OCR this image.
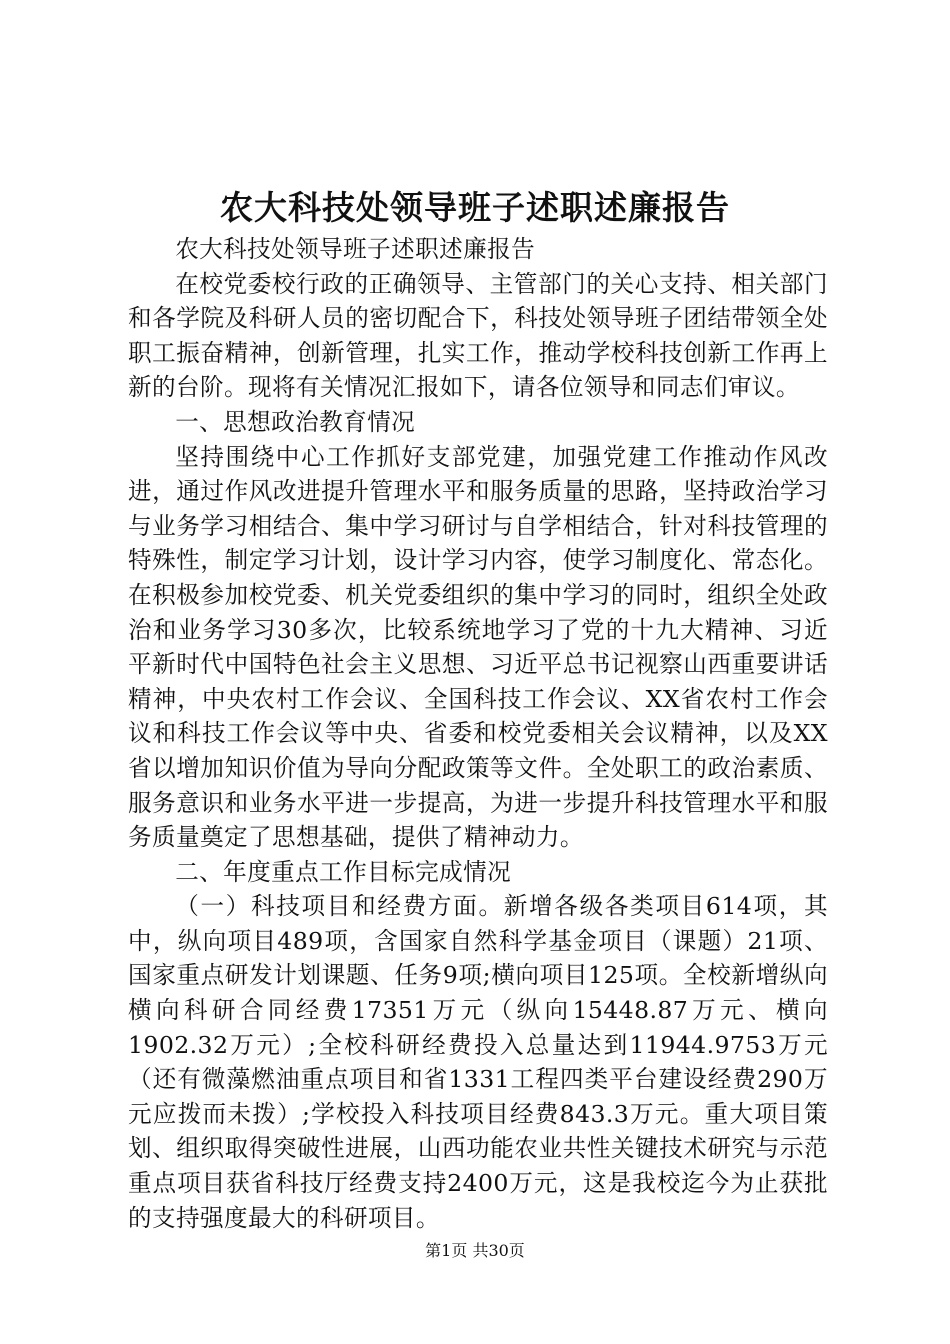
农大科技处领导班子述职述廉报告

农大科技处领导班子述职述廉报告

在校党委校行政的正确领导、主管部门的关心支持、相关部门和各学院及科研人员的密切配合下，科技处领导班子团结带领全处职工振奋精神，创新管理，扎实工作，推动学校科技创新工作再上新的台阶。现将有关情况汇报如下，请各位领导和同志们审议。

一、思想政治教育情况

坚持围绕中心工作抓好支部党建，加强党建工作推动作风改进，通过作风改进提升管理水平和服务质量的思路，坚持政治学习与业务学习相结合、集中学习研讨与自学相结合，针对科技管理的特殊性，制定学习计划，设计学习内容，使学习制度化、常态化。在积极参加校党委、机关党委组织的集中学习的同时，组织全处政治和业务学习30多次，比较系统地学习了党的十九大精神、习近平新时代中国特色社会主义思想、习近平总书记视察山西重要讲话精神，中央农村工作会议、全国科技工作会议、XX省农村工作会议和科技工作会议等中央、省委和校党委相关会议精神，以及XX省以增加知识价值为导向分配政策等文件。全处职工的政治素质、服务意识和业务水平进一步提高，为进一步提升科技管理水平和服务质量奠定了思想基础，提供了精神动力。

二、年度重点工作目标完成情况

（一）科技项目和经费方面。新增各级各类项目614项，其中，纵向项目489项，含国家自然科学基金项目（课题）21项、国家重点研发计划课题、任务9项;横向项目125项。全校新增纵向横向科研合同经费17351万元（纵向15448.87万元、横向1902.32万元）;全校科研经费投入总量达到11944.9753万元（还有微藻燃油重点项目和省1331工程四类平台建设经费290万元应拨而未拨）;学校投入科技项目经费843.3万元。重大项目策划、组织取得突破性进展，山西功能农业共性关键技术研究与示范重点项目获省科技厅经费支持2400万元，这是我校迄今为止获批的支持强度最大的科研项目。

第1页 共30页
